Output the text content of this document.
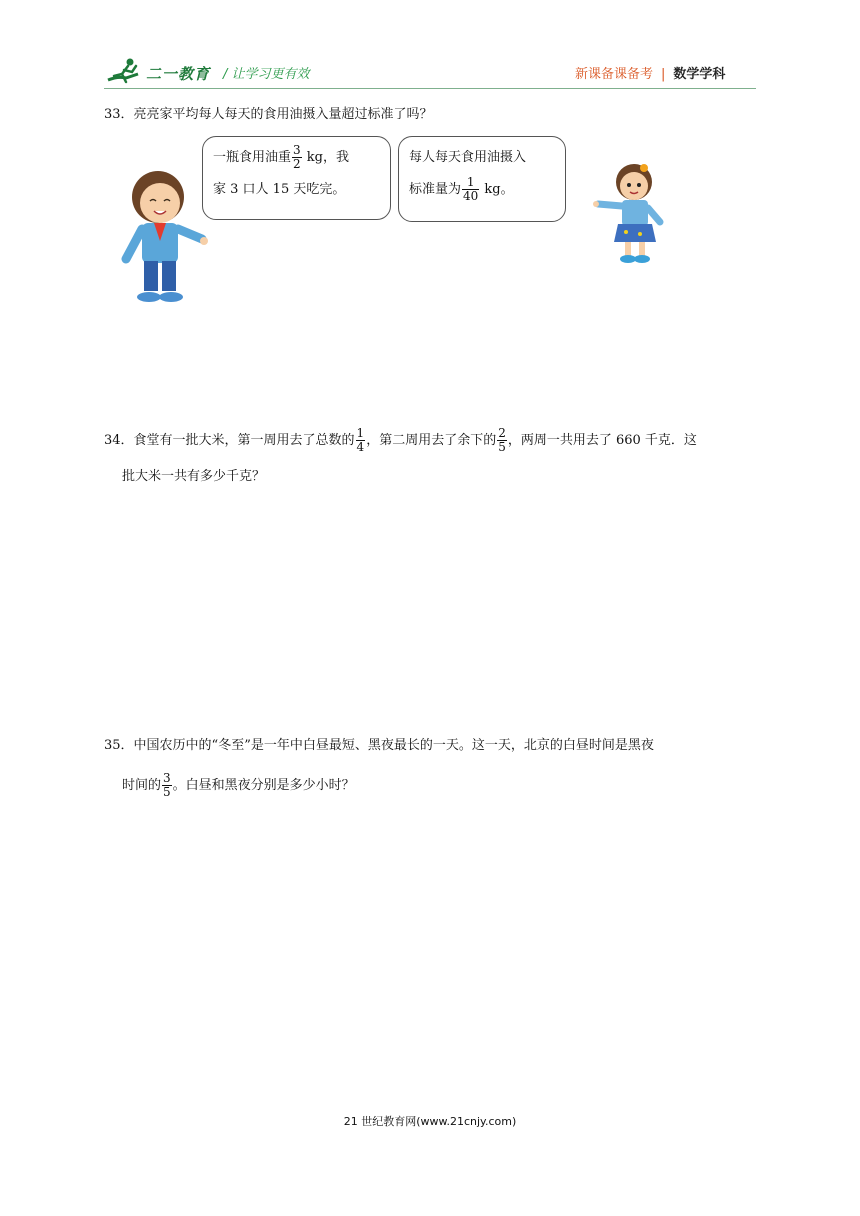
二一教育 / 让学习更有效	新课备课备考 | 数学学科
33．亮亮家平均每人每天的食用油摄入量超过标准了吗？
一瓶食用油重 $\frac{3}{2}$ kg，我
家 3 口人 15 天吃完。
每人每天食用油摄入
标准量为 $\frac{1}{40}$ kg。
34．食堂有一批大米，第一周用去了总数的 $\frac{1}{4}$ ，第二周用去了余下的 $\frac{2}{5}$ ，两周一共用去了 660 千克．这
批大米一共有多少千克？
35．中国农历中的“冬至”是一年中白昼最短、黑夜最长的一天。这一天，北京的白昼时间是黑夜
时间的 $\frac{3}{5}$ 。白昼和黑夜分别是多少小时？
21 世纪教育网(www.21cnjy.com)
